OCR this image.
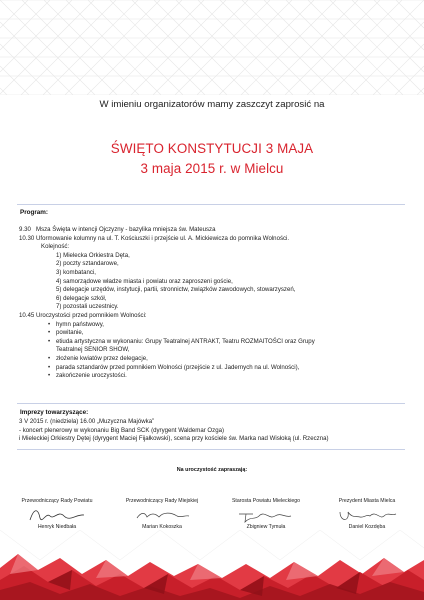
W imieniu organizatorów mamy zaszczyt zaprosić na
ŚWIĘTO KONSTYTUCJI 3 MAJA
3 maja 2015 r. w Mielcu
Program:
9.30 Msza Święta w intencji Ojczyzny - bazylika mniejsza św. Mateusza
10.30 Uformowanie kolumny na ul. T. Kościuszki i przejście ul. A. Mickiewicza do pomnika Wolności.
Kolejność:
1) Mielecka Orkiestra Dęta,
2) poczty sztandarowe,
3) kombatanci,
4) samorządowe władze miasta i powiatu oraz zaproszeni goście,
5) delegacje urzędów, instytucji, partii, stronnictw, związków zawodowych, stowarzyszeń,
6) delegacje szkół,
7) pozostali uczestnicy.
10.45 Uroczystości przed pomnikiem Wolności:
• hymn państwowy,
• powitanie,
• etiuda artystyczna w wykonaniu: Grupy Teatralnej ANTRAKT, Teatru ROZMAITOŚCI oraz Grupy
Teatralnej SENIOR SHOW,
• złożenie kwiatów przez delegacje,
• parada sztandarów przed pomnikiem Wolności (przejście z ul. Jadernych na ul. Wolności),
• zakończenie uroczystości.
Imprezy towarzyszące:
3 V 2015 r. (niedziela) 16.00 „Muzyczna Majówka”
- koncert plenerowy w wykonaniu Big Band SCK (dyrygent Waldemar Ozga)
i Mieleckiej Orkiestry Dętej (dyrygent Maciej Fijałkowski), scena przy kościele św. Marka nad Wisłoką (ul. Rzeczna)
Na uroczystość zapraszają:
Przewodniczący Rady Powiatu
Henryk Niedbała
Przewodniczący Rady Miejskiej
Marian Kokoszka
Starosta Powiatu Mieleckiego
Zbigniew Tymuła
Prezydent Miasta Mielca
Daniel Kozdęba
